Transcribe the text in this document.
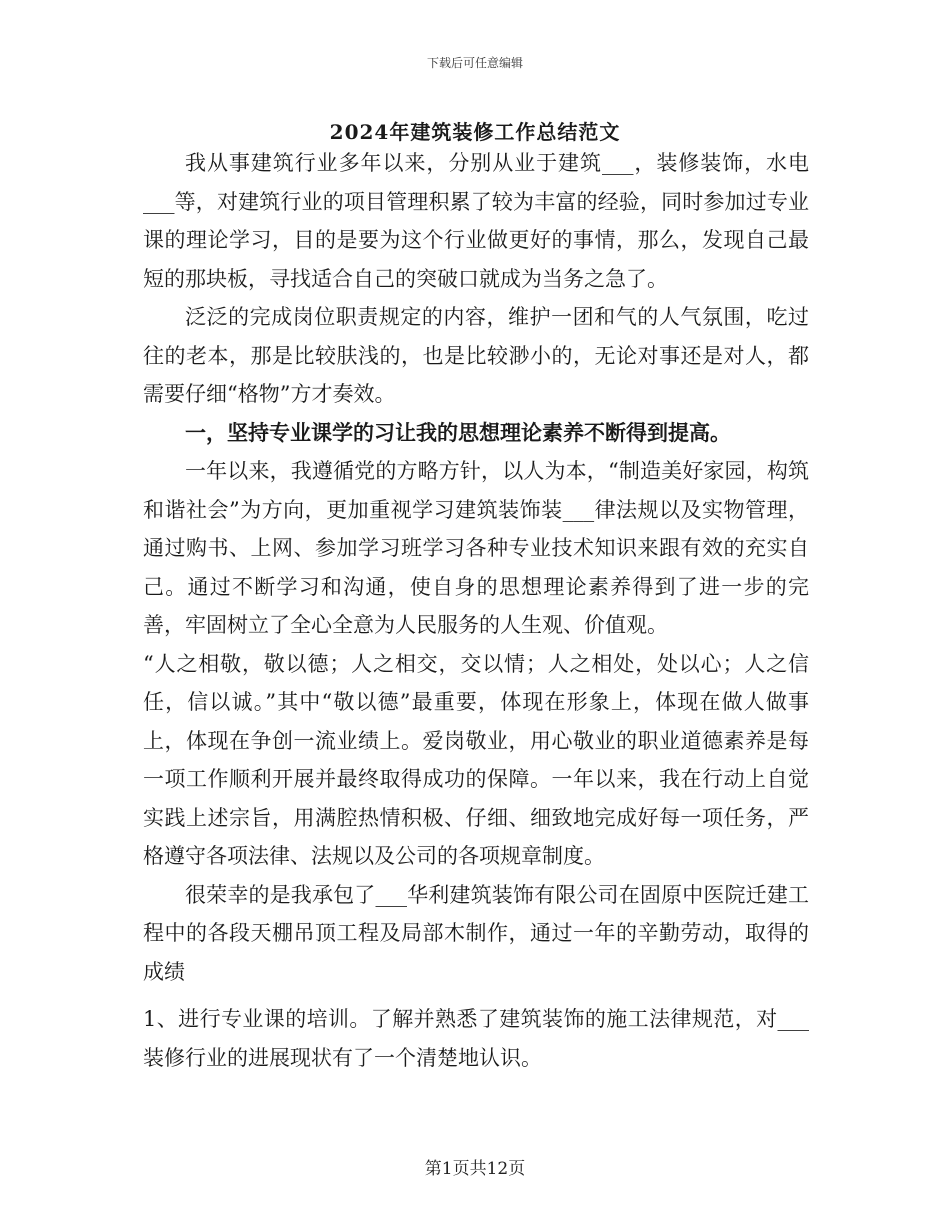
下载后可任意编辑
2024年建筑装修工作总结范文

我从事建筑行业多年以来，分别从业于建筑___，装修装饰，水电___等，对建筑行业的项目管理积累了较为丰富的经验，同时参加过专业课的理论学习，目的是要为这个行业做更好的事情，那么，发现自己最短的那块板，寻找适合自己的突破口就成为当务之急了。

泛泛的完成岗位职责规定的内容，维护一团和气的人气氛围，吃过往的老本，那是比较肤浅的，也是比较渺小的，无论对事还是对人，都需要仔细“格物”方才奏效。

一，坚持专业课学的习让我的思想理论素养不断得到提高。

一年以来，我遵循党的方略方针，以人为本，“制造美好家园，构筑和谐社会”为方向，更加重视学习建筑装饰装___律法规以及实物管理，通过购书、上网、参加学习班学习各种专业技术知识来跟有效的充实自己。通过不断学习和沟通，使自身的思想理论素养得到了进一步的完善，牢固树立了全心全意为人民服务的人生观、价值观。

“人之相敬，敬以德；人之相交，交以情；人之相处，处以心；人之信任，信以诚。”其中“敬以德”最重要，体现在形象上，体现在做人做事上，体现在争创一流业绩上。爱岗敬业，用心敬业的职业道德素养是每一项工作顺利开展并最终取得成功的保障。一年以来，我在行动上自觉实践上述宗旨，用满腔热情积极、仔细、细致地完成好每一项任务，严格遵守各项法律、法规以及公司的各项规章制度。

很荣幸的是我承包了___华利建筑装饰有限公司在固原中医院迁建工程中的各段天棚吊顶工程及局部木制作，通过一年的辛勤劳动，取得的成绩

1、进行专业课的培训。了解并熟悉了建筑装饰的施工法律规范，对___装修行业的进展现状有了一个清楚地认识。

第1页共12页
